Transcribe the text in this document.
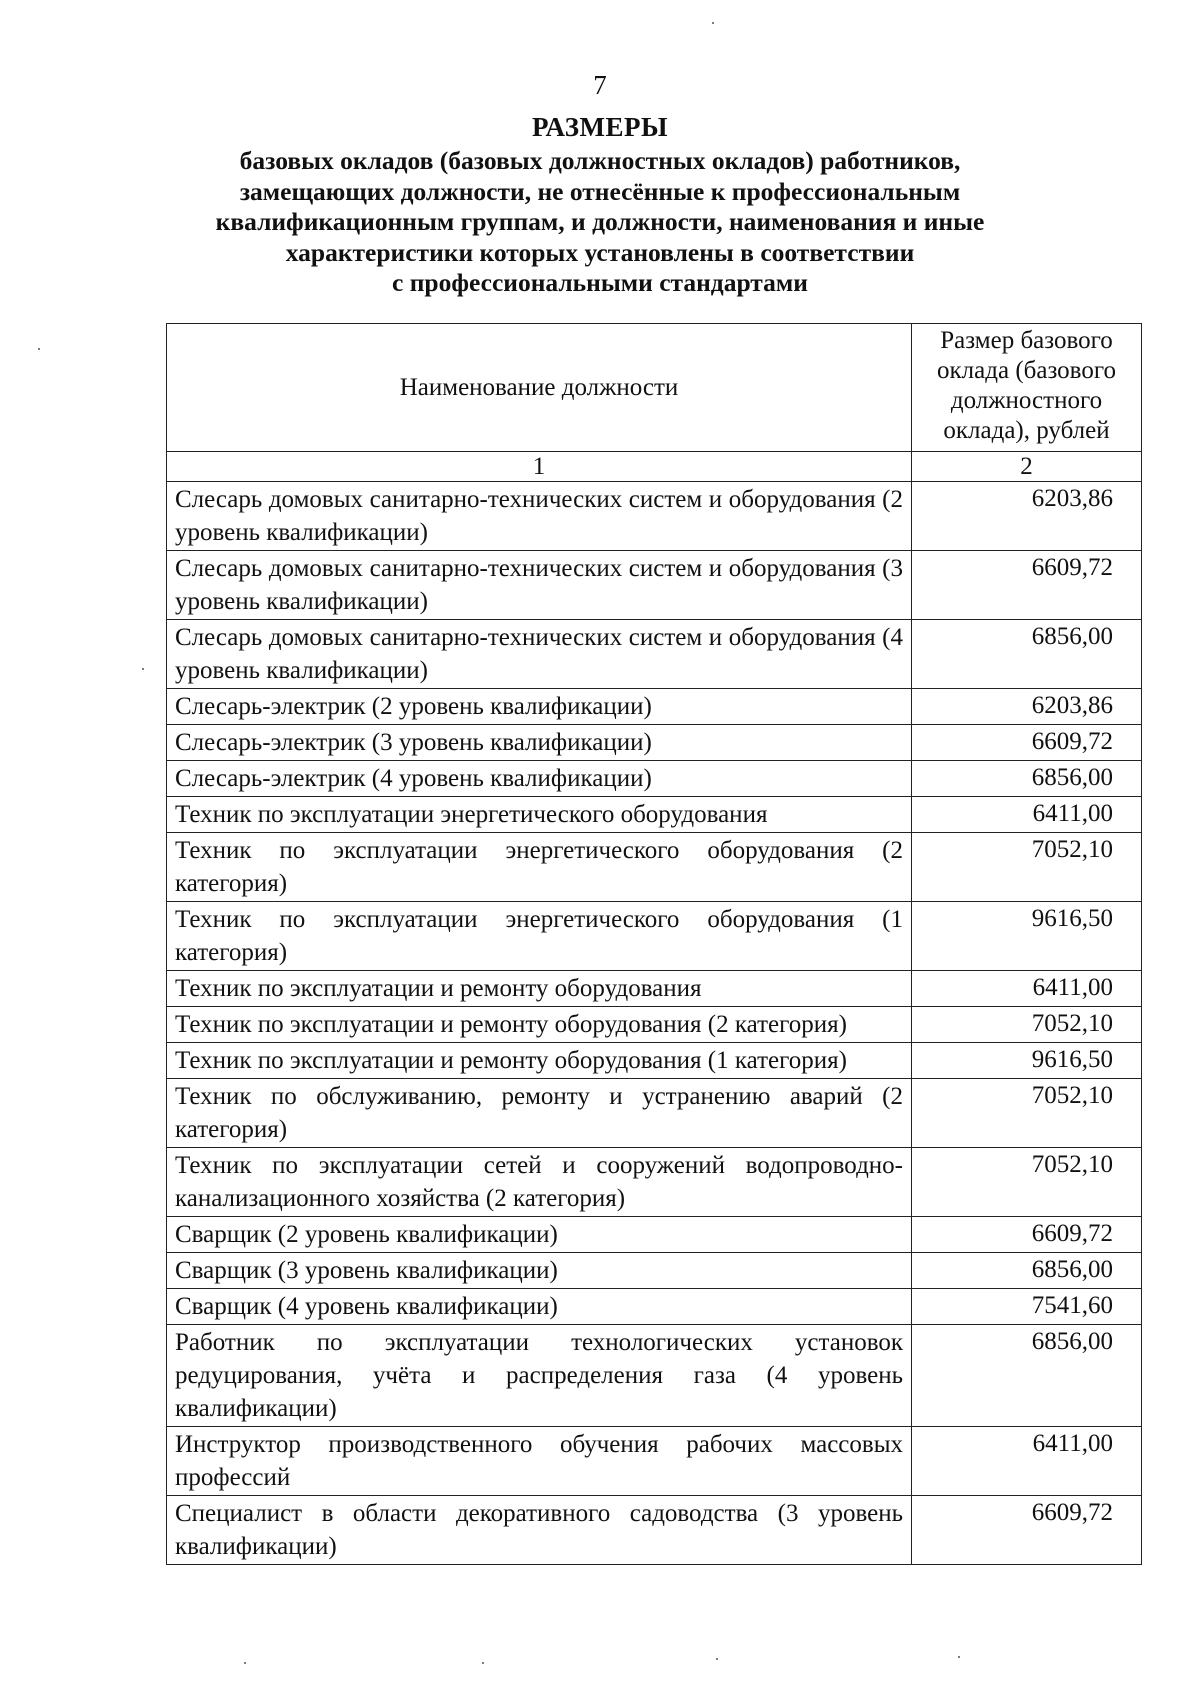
7
РАЗМЕРЫ
базовых окладов (базовых должностных окладов) работников,
замещающих должности, не отнесённые к профессиональным
квалификационным группам, и должности, наименования и иные
характеристики которых установлены в соответствии
с профессиональными стандартами
Наименование должности	Размер базового оклада (базового должностного оклада), рублей
1	2
Слесарь домовых санитарно-технических систем и оборудования (2 уровень квалификации)	6203,86
Слесарь домовых санитарно-технических систем и оборудования (3 уровень квалификации)	6609,72
Слесарь домовых санитарно-технических систем и оборудования (4 уровень квалификации)	6856,00
Слесарь-электрик (2 уровень квалификации)	6203,86
Слесарь-электрик (3 уровень квалификации)	6609,72
Слесарь-электрик (4 уровень квалификации)	6856,00
Техник по эксплуатации энергетического оборудования	6411,00
Техник по эксплуатации энергетического оборудования (2 категория)	7052,10
Техник по эксплуатации энергетического оборудования (1 категория)	9616,50
Техник по эксплуатации и ремонту оборудования	6411,00
Техник по эксплуатации и ремонту оборудования (2 категория)	7052,10
Техник по эксплуатации и ремонту оборудования (1 категория)	9616,50
Техник по обслуживанию, ремонту и устранению аварий (2 категория)	7052,10
Техник по эксплуатации сетей и сооружений водопроводно-канализационного хозяйства (2 категория)	7052,10
Сварщик (2 уровень квалификации)	6609,72
Сварщик (3 уровень квалификации)	6856,00
Сварщик (4 уровень квалификации)	7541,60
Работник по эксплуатации технологических установок редуцирования, учёта и распределения газа (4 уровень квалификации)	6856,00
Инструктор производственного обучения рабочих массовых профессий	6411,00
Специалист в области декоративного садоводства (3 уровень квалификации)	6609,72
